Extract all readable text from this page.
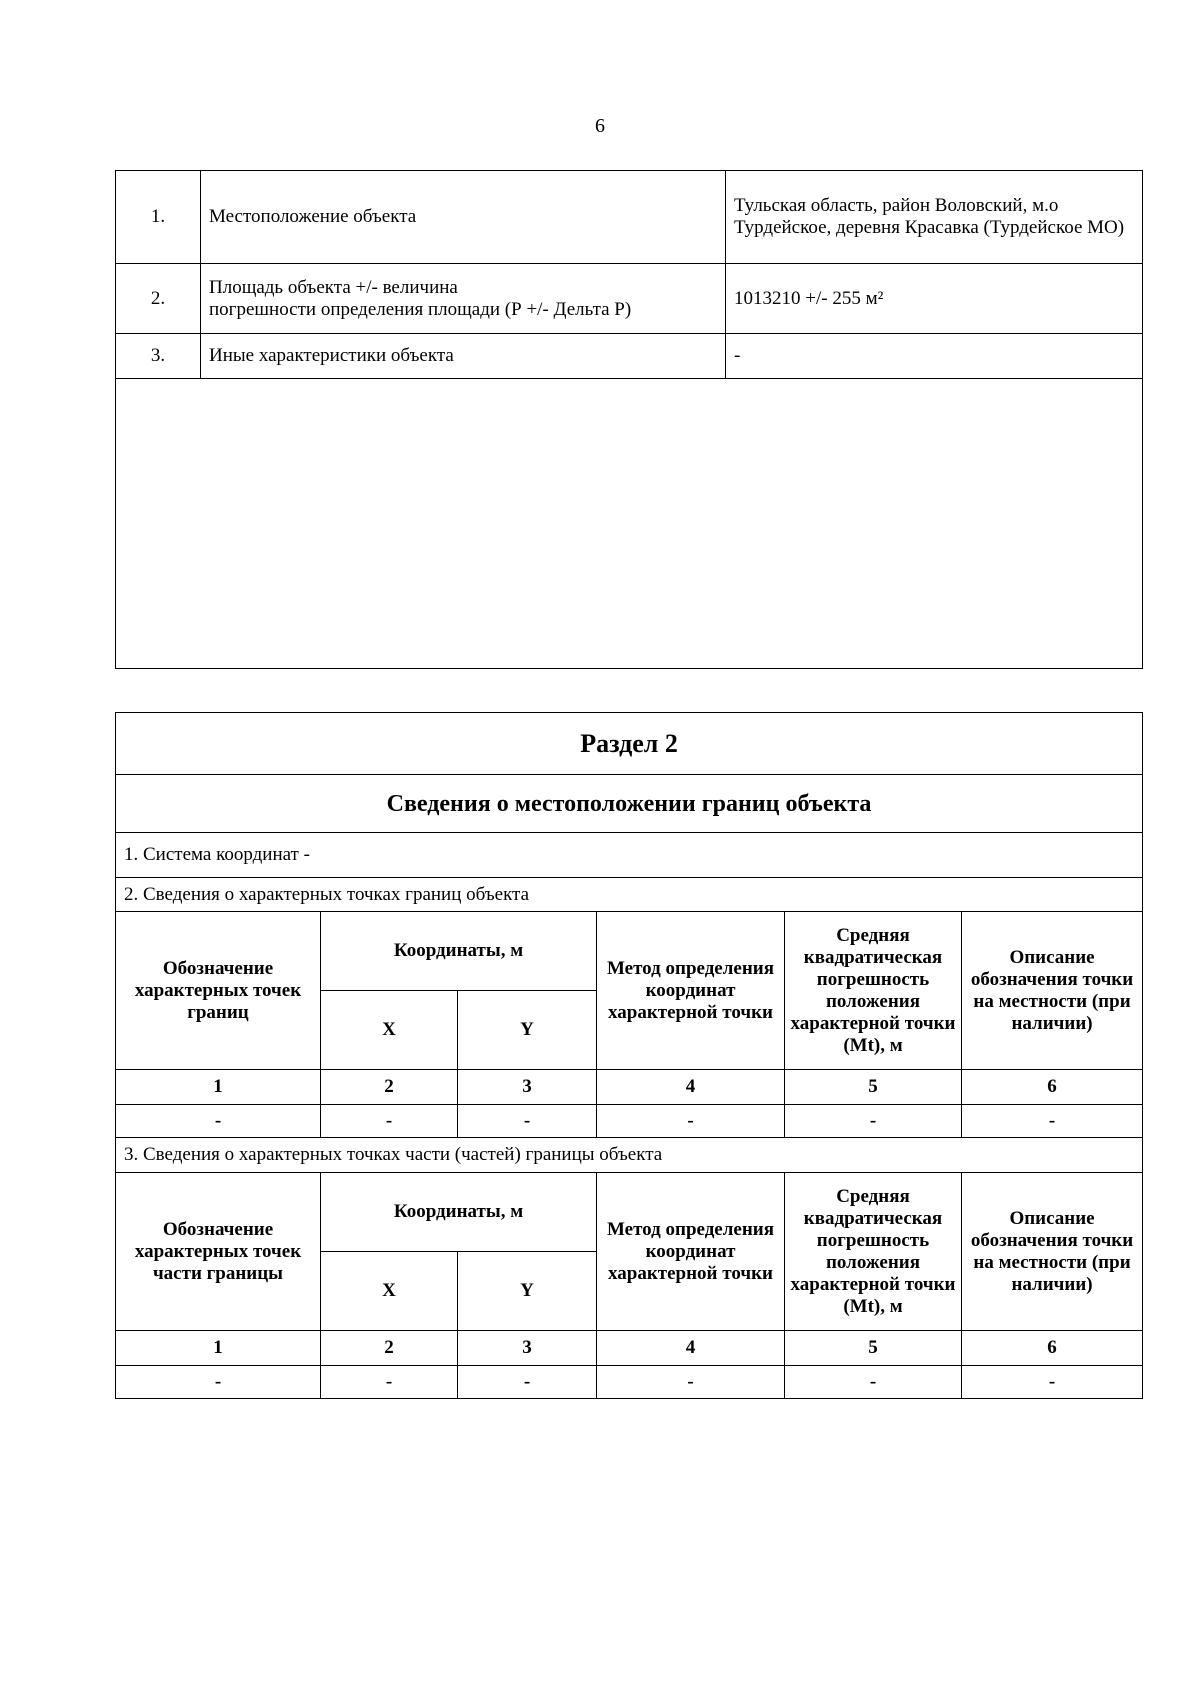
6
1.	Местоположение объекта	Тульская область, район Воловский, м.о Турдейское, деревня Красавка (Турдейское МО)
2.	Площадь объекта +/- величина
погрешности определения площади (Р +/- Дельта Р)	1013210 +/- 255 м²
3.	Иные характеристики объекта	-

Раздел 2					
Сведения о местоположении границ объекта					
1. Система координат -					
2. Сведения о характерных точках границ объекта					
Обозначение характерных точек границ	Координаты, м		Метод определения координат характерной точки	Средняя квадратическая погрешность положения характерной точки (Mt), м	Описание обозначения точки на местности (при наличии)
	X	Y			
1	2	3	4	5	6
-	-	-	-	-	-
3. Сведения о характерных точках части (частей) границы объекта					
Обозначение характерных точек части границы	Координаты, м		Метод определения координат характерной точки	Средняя квадратическая погрешность положения характерной точки (Mt), м	Описание обозначения точки на местности (при наличии)
	X	Y			
1	2	3	4	5	6
-	-	-	-	-	-
